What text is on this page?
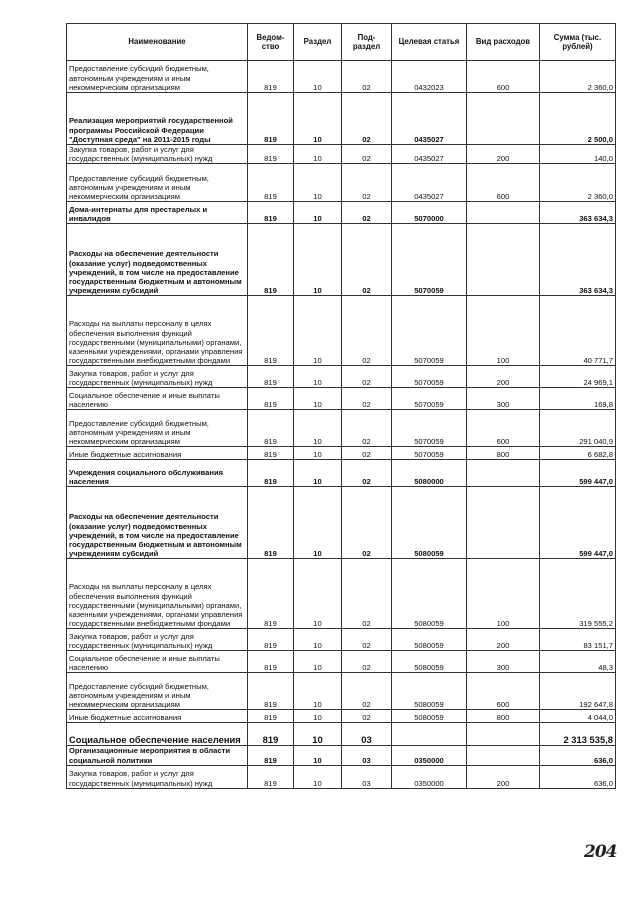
Наименование	Ведом-ство	Раздел	Под-раздел	Целевая статья	Вид расходов	Сумма (тыс. рублей)
Предоставление субсидий бюджетным, автономным учреждениям и иным некоммерческим организациям	819	10	02	0432023	600	2 360,0
Реализация мероприятий государственной программы Российской Федерации "Доступная среда" на 2011-2015 годы	819	10	02	0435027		2 500,0
Закупка товаров, работ и услуг для государственных (муниципальных) нужд	819	10	02	0435027	200	140,0
Предоставление субсидий бюджетным, автономным учреждениям и иным некоммерческим организациям	819	10	02	0435027	600	2 360,0
Дома-интернаты для престарелых и инвалидов	819	10	02	5070000		363 634,3
Расходы на обеспечение деятельности (оказание услуг) подведомственных учреждений, в том числе на предоставление государственным бюджетным и автономным учреждениям субсидий	819	10	02	5070059		363 634,3
Расходы на выплаты персоналу в целях обеспечения выполнения функций государственными (муниципальными) органами, казенными учреждениями, органами управления государственными внебюджетными фондами	819	10	02	5070059	100	40 771,7
Закупка товаров, работ и услуг для государственных (муниципальных) нужд	819	10	02	5070059	200	24 969,1
Социальное обеспечение и иные выплаты населению	819	10	02	5070059	300	169,8
Предоставление субсидий бюджетным, автономным учреждениям и иным некоммерческим организациям	819	10	02	5070059	600	291 040,9
Иные бюджетные ассигнования	819	10	02	5070059	800	6 682,8
Учреждения социального обслуживания населения	819	10	02	5080000		599 447,0
Расходы на обеспечение деятельности (оказание услуг) подведомственных учреждений, в том числе на предоставление государственным бюджетным и автономным учреждениям субсидий	819	10	02	5080059		599 447,0
Расходы на выплаты персоналу в целях обеспечения выполнения функций государственными (муниципальными) органами, казенными учреждениями, органами управления государственными внебюджетными фондами	819	10	02	5080059	100	319 555,2
Закупка товаров, работ и услуг для государственных (муниципальных) нужд	819	10	02	5080059	200	83 151,7
Социальное обеспечение и иные выплаты населению	819	10	02	5080059	300	48,3
Предоставление субсидий бюджетным, автономным учреждениям и иным некоммерческим организациям	819	10	02	5080059	600	192 647,8
Иные бюджетные ассигнования	819	10	02	5080059	800	4 044,0
Социальное обеспечение населения	819	10	03			2 313 535,8
Организационные мероприятия в области социальной политики	819	10	03	0350000		636,0
Закупка товаров, работ и услуг для государственных (муниципальных) нужд	819	10	03	0350000	200	636,0
204
